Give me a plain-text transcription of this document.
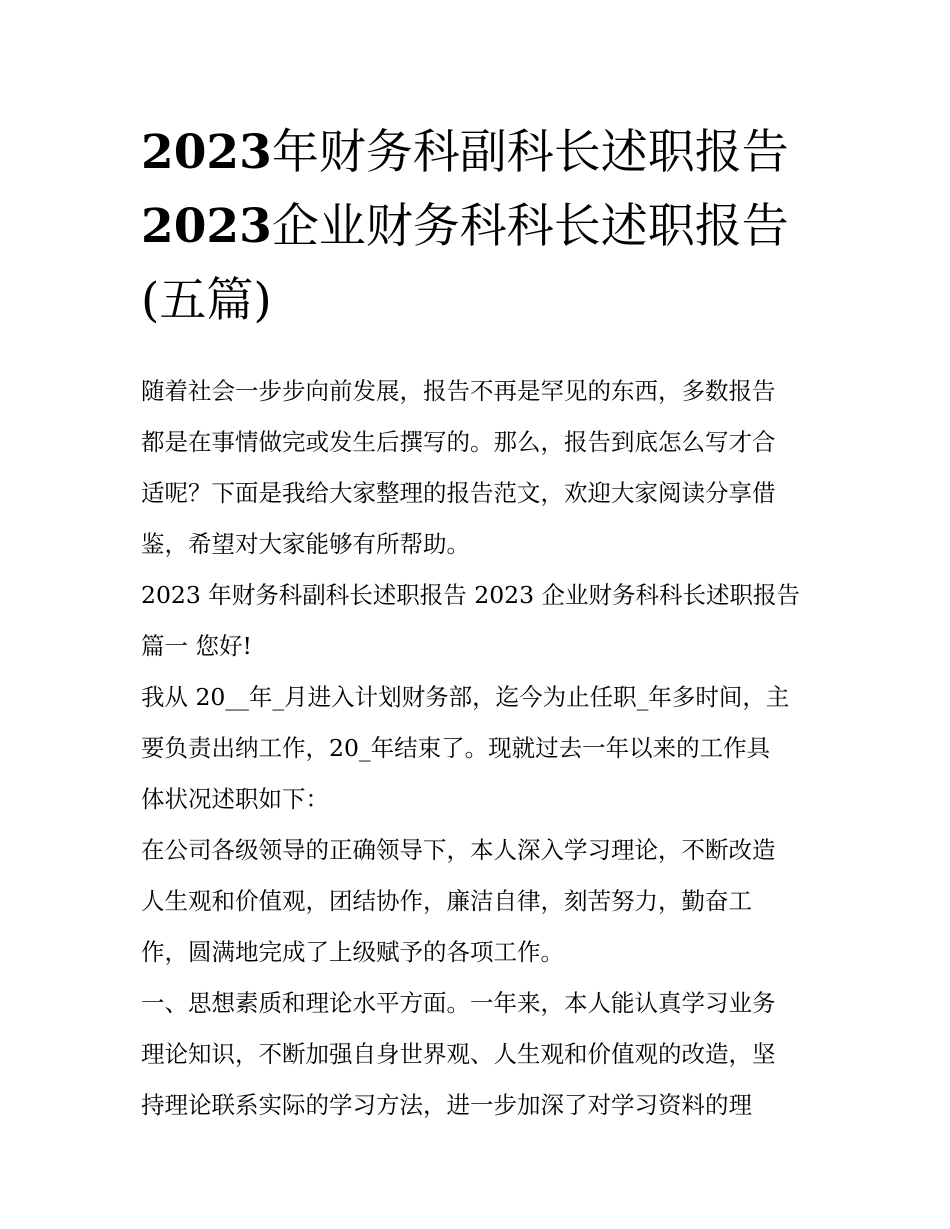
2023年财务科副科长述职报告
2023企业财务科科长述职报告
(五篇)
随着社会一步步向前发展，报告不再是罕见的东西，多数报告
都是在事情做完或发生后撰写的。那么，报告到底怎么写才合
适呢？下面是我给大家整理的报告范文，欢迎大家阅读分享借
鉴，希望对大家能够有所帮助。
2023 年财务科副科长述职报告 2023 企业财务科科长述职报告
篇一 您好!
我从 20__年_月进入计划财务部，迄今为止任职_年多时间，主
要负责出纳工作，20_年结束了。现就过去一年以来的工作具
体状况述职如下：
在公司各级领导的正确领导下，本人深入学习理论，不断改造
人生观和价值观，团结协作，廉洁自律，刻苦努力，勤奋工
作，圆满地完成了上级赋予的各项工作。
一、思想素质和理论水平方面。一年来，本人能认真学习业务
理论知识，不断加强自身世界观、人生观和价值观的改造，坚
持理论联系实际的学习方法，进一步加深了对学习资料的理
